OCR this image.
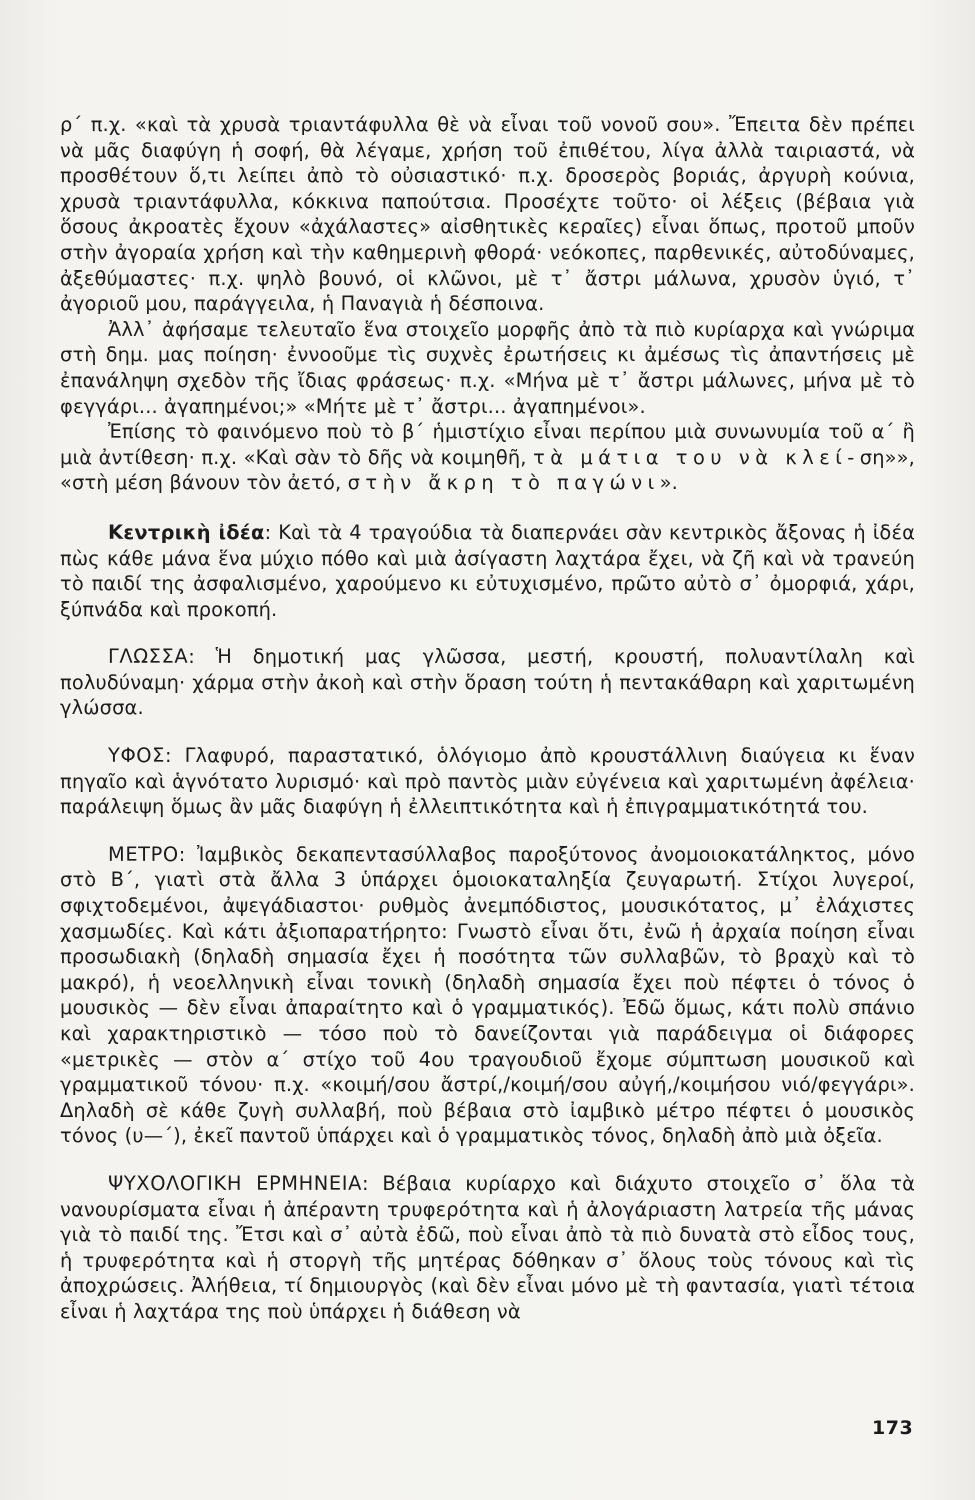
ρ΄ π.χ. «καὶ τὰ χρυσὰ τριαντάφυλλα θὲ νὰ εἶναι τοῦ νονοῦ σου». Ἔπειτα δὲν πρέπει νὰ μᾶς διαφύγη ἡ σοφή, θὰ λέγαμε, χρήση τοῦ ἐπιθέτου, λίγα ἀλλὰ ταιριαστά, νὰ προσθέτουν ὅ,τι λείπει ἀπὸ τὸ οὐσιαστικό· π.χ. δροσερὸς βοριάς, ἀργυρὴ κούνια, χρυσὰ τριαντάφυλλα, κόκκινα παπούτσια. Προσέχτε τοῦτο· οἱ λέξεις (βέβαια γιὰ ὅσους ἀκροατὲς ἔχουν «ἀχάλαστες» αἰσθητικὲς κεραῖες) εἶναι ὅπως, προτοῦ μποῦν στὴν ἀγοραία χρήση καὶ τὴν καθημερινὴ φθορά· νεόκοπες, παρθενικές, αὐτοδύναμες, ἀξεθύμαστες· π.χ. ψηλὸ βουνό, οἱ κλῶνοι, μὲ τ᾽ ἄστρι μάλωνα, χρυσὸν ὑγιό, τ᾽ ἀγοριοῦ μου, παράγγειλα, ἡ Παναγιὰ ἡ δέσποινα.

Ἀλλ᾽ ἀφήσαμε τελευταῖο ἕνα στοιχεῖο μορφῆς ἀπὸ τὰ πιὸ κυρίαρχα καὶ γνώριμα στὴ δημ. μας ποίηση· ἐννοοῦμε τὶς συχνὲς ἐρωτήσεις κι ἀμέσως τὶς ἀπαντήσεις μὲ ἐπανάληψη σχεδὸν τῆς ἴδιας φράσεως· π.χ. «Μήνα μὲ τ᾽ ἄστρι μάλωνες, μήνα μὲ τὸ φεγγάρι... ἀγαπημένοι;» «Μήτε μὲ τ᾽ ἄστρι... ἀγαπημένοι».

Ἐπίσης τὸ φαινόμενο ποὺ τὸ β΄ ἡμιστίχιο εἶναι περίπου μιὰ συνωνυμία τοῦ α΄ ἢ μιὰ ἀντίθεση· π.χ. «Καὶ σὰν τὸ δῆς νὰ κοιμηθῆ, τὰ μάτια του νὰ κλεί-ση»», «στὴ μέση βάνουν τὸν ἀετό, στὴν ἄκρη τὸ παγώνι».

Κεντρικὴ ἰδέα: Καὶ τὰ 4 τραγούδια τὰ διαπερνάει σὰν κεντρικὸς ἄξονας ἡ ἰδέα πὼς κάθε μάνα ἕνα μύχιο πόθο καὶ μιὰ ἀσίγαστη λαχτάρα ἔχει, νὰ ζῆ καὶ νὰ τρανεύη τὸ παιδί της ἀσφαλισμένο, χαρούμενο κι εὐτυχισμένο, πρῶτο αὐτὸ σ᾽ ὀμορφιά, χάρι, ξύπνάδα καὶ προκοπή.

ΓΛΩΣΣΑ: Ἡ δημοτική μας γλῶσσα, μεστή, κρουστή, πολυαντίλαλη καὶ πολυδύναμη· χάρμα στὴν ἀκοὴ καὶ στὴν ὅραση τούτη ἡ πεντακάθαρη καὶ χαριτωμένη γλώσσα.

ΥΦΟΣ: Γλαφυρό, παραστατικό, ὁλόγιομο ἀπὸ κρουστάλλινη διαύγεια κι ἕναν πηγαῖο καὶ ἁγνότατο λυρισμό· καὶ πρὸ παντὸς μιὰν εὐγένεια καὶ χαριτωμένη ἀφέλεια· παράλειψη ὅμως ἂν μᾶς διαφύγη ἡ ἐλλειπτικότητα καὶ ἡ ἐπιγραμματικότητά του.

ΜΕΤΡΟ: Ἰαμβικὸς δεκαπεντασύλλαβος παροξύτονος ἀνομοιοκατάληκτος, μόνο στὸ Β΄, γιατὶ στὰ ἄλλα 3 ὑπάρχει ὁμοιοκαταληξία ζευγαρωτή. Στίχοι λυγεροί, σφιχτοδεμένοι, ἀψεγάδιαστοι· ρυθμὸς ἀνεμπόδιστος, μουσικότατος, μ᾽ ἐλάχιστες χασμωδίες. Καὶ κάτι ἀξιοπαρατήρητο: Γνωστὸ εἶναι ὅτι, ἐνῶ ἡ ἀρχαία ποίηση εἶναι προσωδιακὴ (δηλαδὴ σημασία ἔχει ἡ ποσότητα τῶν συλλαβῶν, τὸ βραχὺ καὶ τὸ μακρό), ἡ νεοελληνικὴ εἶναι τονικὴ (δηλαδὴ σημασία ἔχει ποὺ πέφτει ὁ τόνος ὁ μουσικὸς — δὲν εἶναι ἀπαραίτητο καὶ ὁ γραμματικός). Ἐδῶ ὅμως, κάτι πολὺ σπάνιο καὶ χαρακτηριστικὸ — τόσο ποὺ τὸ δανείζονται γιὰ παράδειγμα οἱ διάφορες «μετρικὲς — στὸν α΄ στίχο τοῦ 4ου τραγουδιοῦ ἔχομε σύμπτωση μουσικοῦ καὶ γραμματικοῦ τόνου· π.χ. «κοιμή/σου ἄστρί,/κοιμή/σου αὐγή,/κοιμήσου νιό/φεγγάρι». Δηλαδὴ σὲ κάθε ζυγὴ συλλαβή, ποὺ βέβαια στὸ ἰαμβικὸ μέτρο πέφτει ὁ μουσικὸς τόνος (υ—΄), ἐκεῖ παντοῦ ὑπάρχει καὶ ὁ γραμματικὸς τόνος, δηλαδὴ ἀπὸ μιὰ ὀξεῖα.

ΨΥΧΟΛΟΓΙΚΗ ΕΡΜΗΝΕΙΑ: Βέβαια κυρίαρχο καὶ διάχυτο στοιχεῖο σ᾽ ὅλα τὰ νανουρίσματα εἶναι ἡ ἀπέραντη τρυφερότητα καὶ ἡ ἀλογάριαστη λατρεία τῆς μάνας γιὰ τὸ παιδί της. Ἔτσι καὶ σ᾽ αὐτὰ ἐδῶ, ποὺ εἶναι ἀπὸ τὰ πιὸ δυνατὰ στὸ εἶδος τους, ἡ τρυφερότητα καὶ ἡ στοργὴ τῆς μητέρας δόθηκαν σ᾽ ὅλους τοὺς τόνους καὶ τὶς ἀποχρώσεις. Ἀλήθεια, τί δημιουργὸς (καὶ δὲν εἶναι μόνο μὲ τὴ φαντασία, γιατὶ τέτοια εἶναι ἡ λαχτάρα της ποὺ ὑπάρχει ἡ διάθεση νὰ

173
